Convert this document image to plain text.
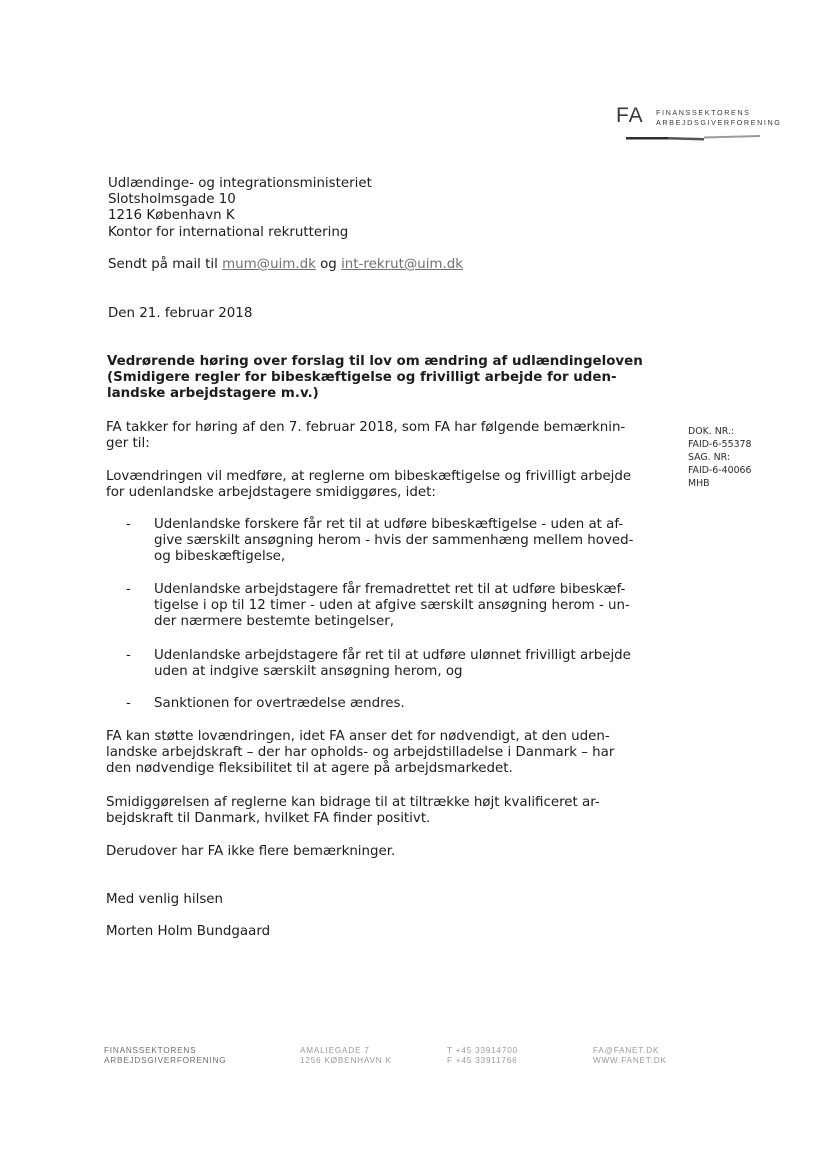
FA FINANSSEKTORENS
ARBEJDSGIVERFORENING
Udlændinge- og integrationsministeriet
Slotsholmsgade 10
1216 København K
Kontor for international rekruttering
Sendt på mail til mum@uim.dk og int-rekrut@uim.dk
Den 21. februar 2018
Vedrørende høring over forslag til lov om ændring af udlændingeloven
(Smidigere regler for bibeskæftigelse og frivilligt arbejde for uden-
landske arbejdstagere m.v.)
DOK. NR.:
FAID-6-55378
SAG. NR:
FAID-6-40066
MHB
FA takker for høring af den 7. februar 2018, som FA har følgende bemærknin-
ger til:
Lovændringen vil medføre, at reglerne om bibeskæftigelse og frivilligt arbejde
for udenlandske arbejdstagere smidiggøres, idet:
- Udenlandske forskere får ret til at udføre bibeskæftigelse - uden at af-
give særskilt ansøgning herom - hvis der sammenhæng mellem hoved-
og bibeskæftigelse,
- Udenlandske arbejdstagere får fremadrettet ret til at udføre bibeskæf-
tigelse i op til 12 timer - uden at afgive særskilt ansøgning herom - un-
der nærmere bestemte betingelser,
- Udenlandske arbejdstagere får ret til at udføre ulønnet frivilligt arbejde
uden at indgive særskilt ansøgning herom, og
- Sanktionen for overtrædelse ændres.
FA kan støtte lovændringen, idet FA anser det for nødvendigt, at den uden-
landske arbejdskraft – der har opholds- og arbejdstilladelse i Danmark – har
den nødvendige fleksibilitet til at agere på arbejdsmarkedet.
Smidiggørelsen af reglerne kan bidrage til at tiltrække højt kvalificeret ar-
bejdskraft til Danmark, hvilket FA finder positivt.
Derudover har FA ikke flere bemærkninger.
Med venlig hilsen
Morten Holm Bundgaard
FINANSSEKTORENS
ARBEJDSGIVERFORENING
AMALIEGADE 7
1256 KØBENHAVN K
T +45 33914700
F +45 33911766
FA@FANET.DK
WWW.FANET.DK
